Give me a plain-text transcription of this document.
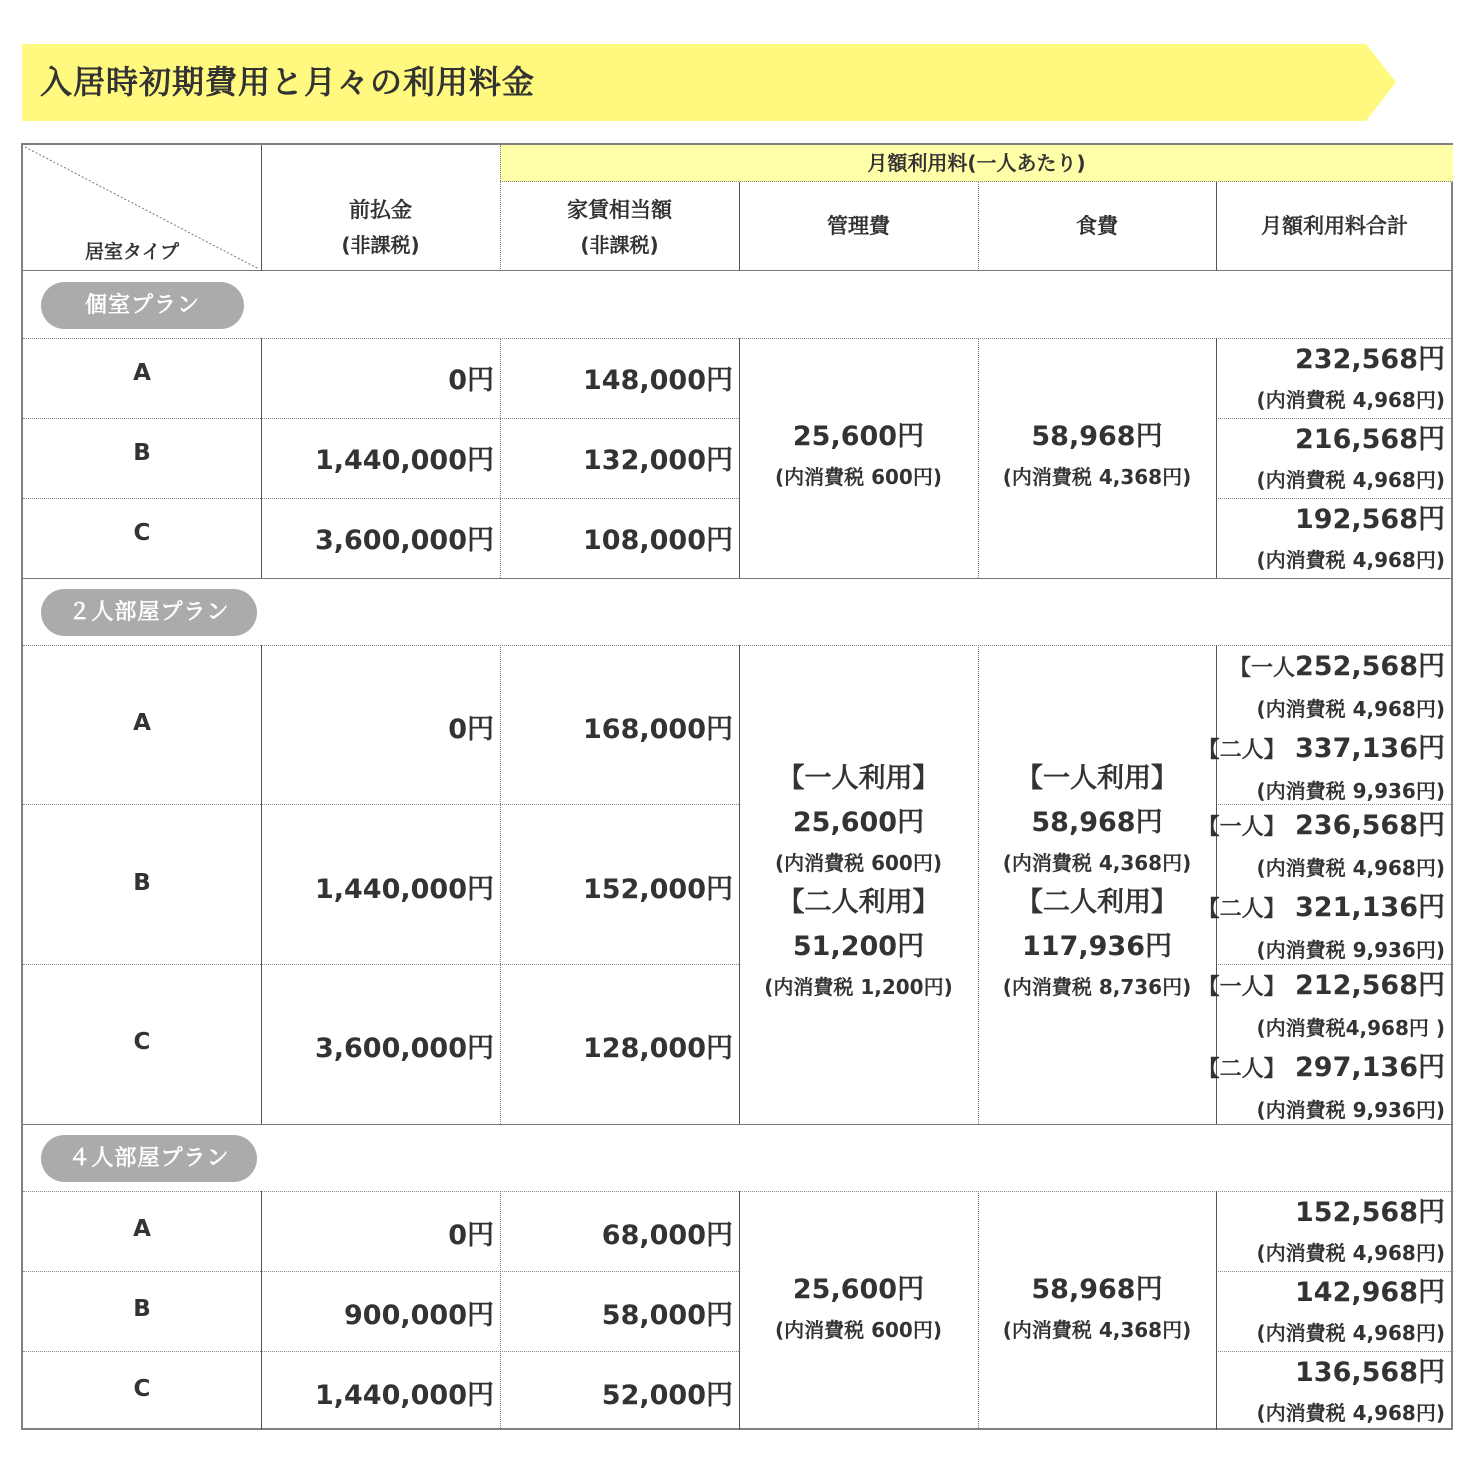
入居時初期費用と月々の利用料金
居室タイプ
前払金
(非課税)
月額利用料(一人あたり)
家賃相当額
(非課税)
管理費	食費	月額利用料合計
個室プラン
A
B
C
0円
1,440,000円
3,600,000円
148,000円
132,000円
108,000円
25,600円
(内消費税 600円)
58,968円
(内消費税 4,368円)
232,568円
(内消費税 4,968円)
216,568円
(内消費税 4,968円)
192,568円
(内消費税 4,968円)
２人部屋プラン
A
B
C
0円
1,440,000円
3,600,000円
168,000円
152,000円
128,000円
【一人利用】
25,600円
(内消費税 600円)
【二人利用】
51,200円
(内消費税 1,200円)
【一人利用】
58,968円
(内消費税 4,368円)
【二人利用】
117,936円
(内消費税 8,736円)
【一人252,568円
(内消費税 4,968円)
【二人】 337,136円
(内消費税 9,936円)
【一人】 236,568円
(内消費税 4,968円)
【二人】 321,136円
(内消費税 9,936円)
【一人】 212,568円
(内消費税4,968円 )
【二人】 297,136円
(内消費税 9,936円)
４人部屋プラン
A
B
C
0円
900,000円
1,440,000円
68,000円
58,000円
52,000円
25,600円
(内消費税 600円)
58,968円
(内消費税 4,368円)
152,568円
(内消費税 4,968円)
142,968円
(内消費税 4,968円)
136,568円
(内消費税 4,968円)
